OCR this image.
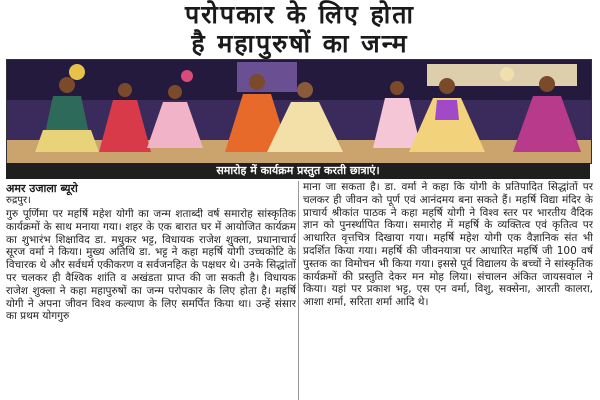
परोपकार के लिए होता
है महापुरुषों का जन्म
समारोह में कार्यक्रम प्रस्तुत करती छात्राएं।
अमर उजाला ब्यूरो
रुद्रपुर।
गुरु पूर्णिमा पर महर्षि महेश योगी का जन्म शताब्दी वर्ष समारोह सांस्कृतिक कार्यक्रमों के साथ मनाया गया। शहर के एक बारात घर में आयोजित कार्यक्रम का शुभारंभ शिक्षाविद डा. मधुकर भट्ट, विधायक राजेश शुक्ला, प्रधानाचार्य सूरज वर्मा ने किया। मुख्य अतिथि डा. भट्ट ने कहा महर्षि योगी उच्चकोटि के विचारक थे और सर्वधर्म एकीकरण व सर्वजनहित के पक्षधर थे। उनके सिद्धांतों पर चलकर ही वैश्विक शांति व अखंडता प्राप्त की जा सकती है। विधायक राजेश शुक्ला ने कहा महापुरुषों का जन्म परोपकार के लिए होता है। महर्षि योगी ने अपना जीवन विश्व कल्याण के लिए समर्पित किया था। उन्हें संसार का प्रथम योगगुरु
माना जा सकता है। डा. वर्मा ने कहा कि योगी के प्रतिपादित सिद्धांतों पर चलकर ही जीवन को पूर्ण एवं आनंदमय बना सकते हैं। महर्षि विद्या मंदिर के प्राचार्य श्रीकांत पाठक ने कहा महर्षि योगी ने विश्व स्तर पर भारतीय वैदिक ज्ञान को पुनर्स्थापित किया। समारोह में महर्षि के व्यक्तित्व एवं कृतित्व पर आधारित वृत्तचित्र दिखाया गया। महर्षि महेश योगी एक वैज्ञानिक संत भी प्रदर्शित किया गया। महर्षि की जीवनयात्रा पर आधारित महर्षि जी 100 वर्ष पुस्तक का विमोचन भी किया गया। इससे पूर्व विद्यालय के बच्चों ने सांस्कृतिक कार्यक्रमों की प्रस्तुति देकर मन मोह लिया। संचालन अंकित जायसवाल ने किया। यहां पर प्रकाश भट्ट, एस एन वर्मा, विशु, सक्सेना, आरती कालरा, आशा शर्मा, सरिता शर्मा आदि थे।
